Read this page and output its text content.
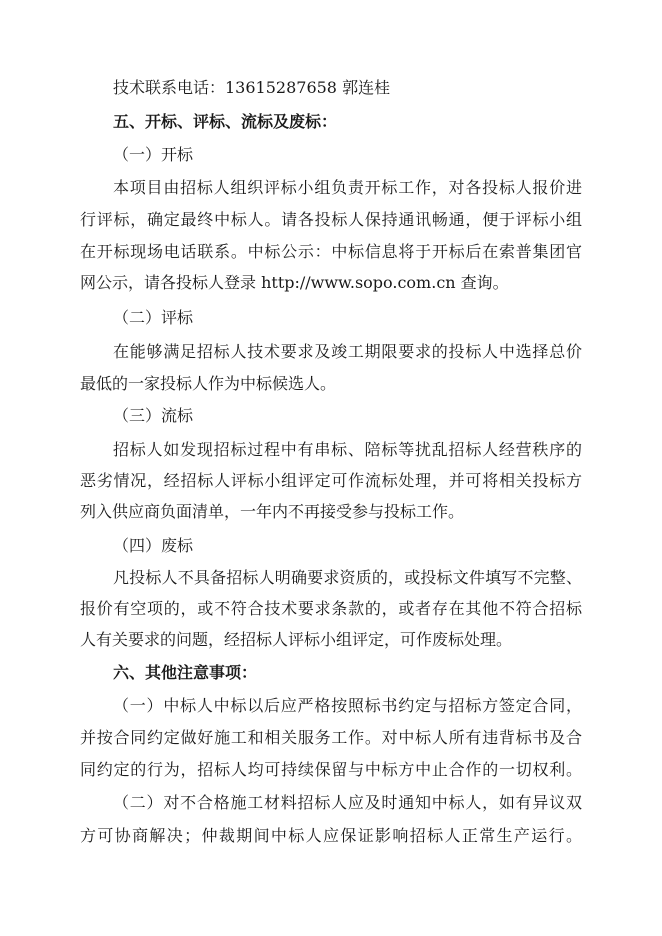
技术联系电话：13615287658 郭连桂
五、开标、评标、流标及废标：
（一）开标
本项目由招标人组织评标小组负责开标工作，对各投标人报价进
行评标，确定最终中标人。请各投标人保持通讯畅通，便于评标小组
在开标现场电话联系。中标公示：中标信息将于开标后在索普集团官
网公示，请各投标人登录 http://www.sopo.com.cn 查询。
（二）评标
在能够满足招标人技术要求及竣工期限要求的投标人中选择总价
最低的一家投标人作为中标候选人。
（三）流标
招标人如发现招标过程中有串标、陪标等扰乱招标人经营秩序的
恶劣情况，经招标人评标小组评定可作流标处理，并可将相关投标方
列入供应商负面清单，一年内不再接受参与投标工作。
（四）废标
凡投标人不具备招标人明确要求资质的，或投标文件填写不完整、
报价有空项的，或不符合技术要求条款的，或者存在其他不符合招标
人有关要求的问题，经招标人评标小组评定，可作废标处理。
六、其他注意事项：
（一）中标人中标以后应严格按照标书约定与招标方签定合同，
并按合同约定做好施工和相关服务工作。对中标人所有违背标书及合
同约定的行为，招标人均可持续保留与中标方中止合作的一切权利。
（二）对不合格施工材料招标人应及时通知中标人，如有异议双
方可协商解决；仲裁期间中标人应保证影响招标人正常生产运行。
